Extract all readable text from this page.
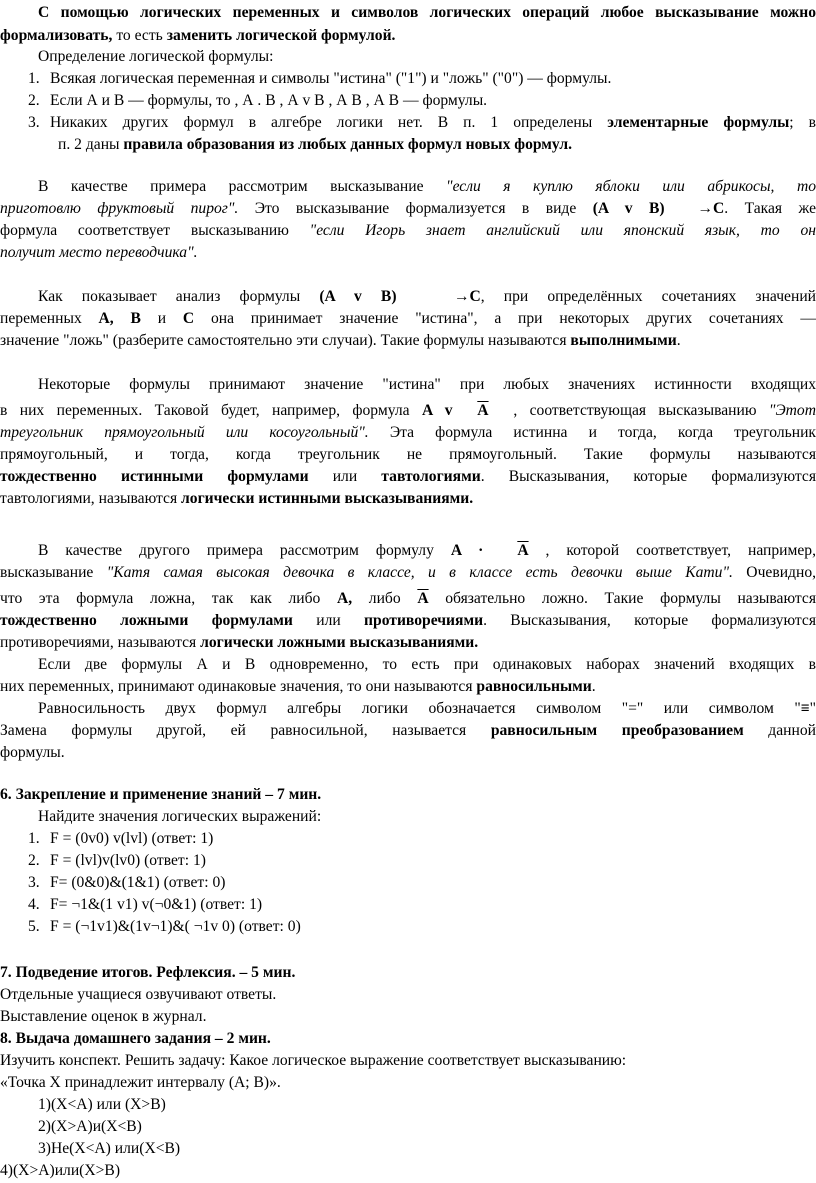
С помощью логических переменных и символов логических операций любое высказывание можно формализовать, то есть заменить логической формулой.
Определение логической формулы:
1. Всякая логическая переменная и символы "истина" ("1") и "ложь" ("0") — формулы.
2. Если А и В — формулы, то , А . В , А v В , А В , А В — формулы.
3. Никаких других формул в алгебре логики нет. В п. 1 определены элементарные формулы; в
п. 2 даны правила образования из любых данных формул новых формул.
В качестве примера рассмотрим высказывание "если я куплю яблоки или абрикосы, то
приготовлю фруктовый пирог". Это высказывание формализуется в виде (A v B) →C. Такая же
формула соответствует высказыванию "если Игорь знает английский или японский язык, то он
получит место переводчика".
Как показывает анализ формулы (A v B)	→C, при определённых сочетаниях значений
переменных A, B и C она принимает значение "истина", а при некоторых других сочетаниях —
значение "ложь" (разберите самостоятельно эти случаи). Такие формулы называются выполнимыми.
Некоторые формулы принимают значение "истина" при любых значениях истинности входящих
в них переменных. Таковой будет, например, формула A v $\overline{A}$  , соответствующая высказыванию "Этот
треугольник прямоугольный или косоугольный". Эта формула истинна и тогда, когда треугольник
прямоугольный, и тогда, когда треугольник не прямоугольный. Такие формулы называются
тождественно истинными формулами или тавтологиями. Высказывания, которые формализуются
тавтологиями, называются логически истинными высказываниями.
В качестве другого примера рассмотрим формулу $A \cdot \overline{A}$ , которой соответствует, например,
высказывание "Катя самая высокая девочка в классе, и в классе есть девочки выше Кати". Очевидно,
что эта формула ложна, так как либо A, либо $\overline{A}$ обязательно ложно. Такие формулы называются
тождественно ложными формулами или противоречиями. Высказывания, которые формализуются
противоречиями, называются логически ложными высказываниями.
Если две формулы А и В одновременно, то есть при одинаковых наборах значений входящих в
них переменных, принимают одинаковые значения, то они называются равносильными.
Равносильность двух формул алгебры логики обозначается символом "=" или символом "≡"
Замена формулы другой, ей равносильной, называется равносильным преобразованием данной
формулы.
6. Закрепление и применение знаний – 7 мин.
Найдите значения логических выражений:
1. F = (0v0) v(lvl) (ответ: 1)
2. F = (lvl)v(lv0) (ответ: 1)
3. F= (0&0)&(1&1) (ответ: 0)
4. F= ¬1&(1 v1) v(¬0&1) (ответ: 1)
5. F = (¬1v1)&(1v¬1)&( ¬1v 0) (ответ: 0)
7. Подведение итогов. Рефлексия. – 5 мин.
Отдельные учащиеся озвучивают ответы.
Выставление оценок в журнал.
8. Выдача домашнего задания – 2 мин.
Изучить конспект. Решить задачу: Какое логическое выражение соответствует высказыванию:
«Точка Х принадлежит интервалу (А; В)».
1)(Х<А) или (Х>В)
2)(Х>А)и(Х<В)
3)Не(Х<А) или(Х<В)
4)(Х>А)или(Х>В)
